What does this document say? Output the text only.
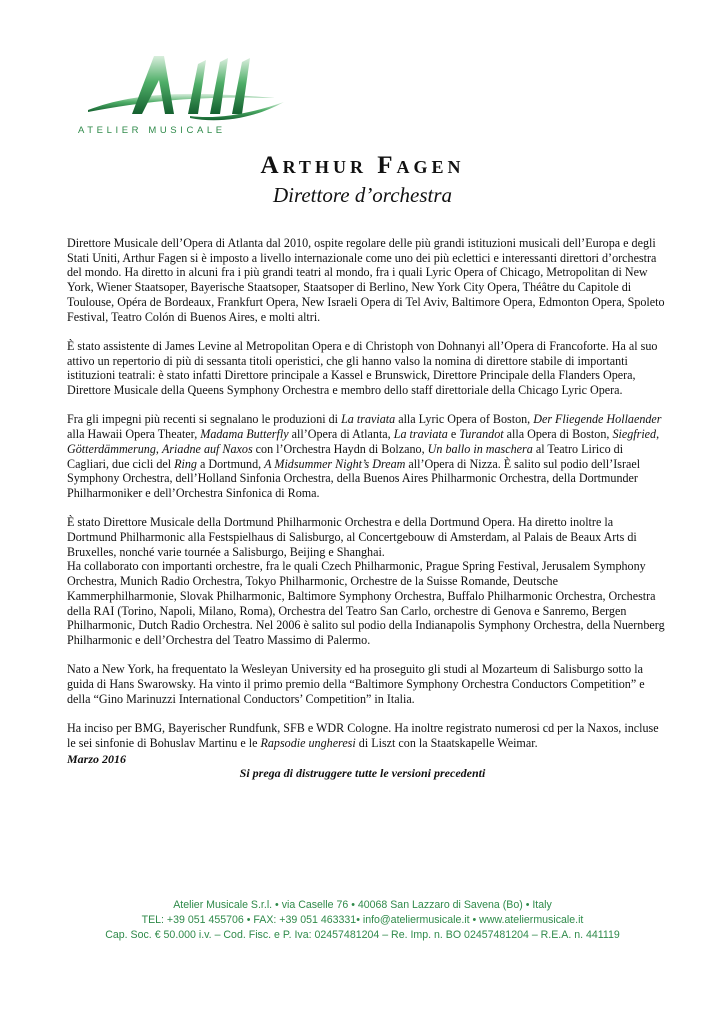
ATELIER MUSICALE
Arthur Fagen
Direttore d’orchestra

Direttore Musicale dell’Opera di Atlanta dal 2010, ospite regolare delle più grandi istituzioni musicali dell’Europa e degli Stati Uniti, Arthur Fagen si è imposto a livello internazionale come uno dei più eclettici e interessanti direttori d’orchestra del mondo. Ha diretto in alcuni fra i più grandi teatri al mondo, fra i quali Lyric Opera of Chicago, Metropolitan di New York, Wiener Staatsoper, Bayerische Staatsoper, Staatsoper di Berlino, New York City Opera, Théâtre du Capitole di Toulouse, Opéra de Bordeaux, Frankfurt Opera, New Israeli Opera di Tel Aviv, Baltimore Opera, Edmonton Opera, Spoleto Festival, Teatro Colón di Buenos Aires, e molti altri.

È stato assistente di James Levine al Metropolitan Opera e di Christoph von Dohnanyi all’Opera di Francoforte. Ha al suo attivo un repertorio di più di sessanta titoli operistici, che gli hanno valso la nomina di direttore stabile di importanti istituzioni teatrali: è stato infatti Direttore principale a Kassel e Brunswick, Direttore Principale della Flanders Opera, Direttore Musicale della Queens Symphony Orchestra e membro dello staff direttoriale della Chicago Lyric Opera.

Fra gli impegni più recenti si segnalano le produzioni di La traviata alla Lyric Opera of Boston, Der Fliegende Hollaender alla Hawaii Opera Theater, Madama Butterfly all’Opera di Atlanta, La traviata e Turandot alla Opera di Boston, Siegfried, Götterdämmerung, Ariadne auf Naxos con l’Orchestra Haydn di Bolzano, Un ballo in maschera al Teatro Lirico di Cagliari, due cicli del Ring a Dortmund, A Midsummer Night’s Dream all’Opera di Nizza. È salito sul podio dell’Israel Symphony Orchestra, dell’Holland Sinfonia Orchestra, della Buenos Aires Philharmonic Orchestra, della Dortmunder Philharmoniker e dell’Orchestra Sinfonica di Roma.

È stato Direttore Musicale della Dortmund Philharmonic Orchestra e della Dortmund Opera. Ha diretto inoltre la Dortmund Philharmonic alla Festspielhaus di Salisburgo, al Concertgebouw di Amsterdam, al Palais de Beaux Arts di Bruxelles, nonché varie tournée a Salisburgo, Beijing e Shanghai.

Ha collaborato con importanti orchestre, fra le quali Czech Philharmonic, Prague Spring Festival, Jerusalem Symphony Orchestra, Munich Radio Orchestra, Tokyo Philharmonic, Orchestre de la Suisse Romande, Deutsche Kammerphilharmonie, Slovak Philharmonic, Baltimore Symphony Orchestra, Buffalo Philharmonic Orchestra, Orchestra della RAI (Torino, Napoli, Milano, Roma), Orchestra del Teatro San Carlo, orchestre di Genova e Sanremo, Bergen Philharmonic, Dutch Radio Orchestra. Nel 2006 è salito sul podio della Indianapolis Symphony Orchestra, della Nuernberg Philharmonic e dell’Orchestra del Teatro Massimo di Palermo.

Nato a New York, ha frequentato la Wesleyan University ed ha proseguito gli studi al Mozarteum di Salisburgo sotto la guida di Hans Swarowsky. Ha vinto il primo premio della “Baltimore Symphony Orchestra Conductors Competition” e della “Gino Marinuzzi International Conductors’ Competition” in Italia.

Ha inciso per BMG, Bayerischer Rundfunk, SFB e WDR Cologne. Ha inoltre registrato numerosi cd per la Naxos, incluse le sei sinfonie di Bohuslav Martinu e le Rapsodie ungheresi di Liszt con la Staatskapelle Weimar.

Marzo 2016
Si prega di distruggere tutte le versioni precedenti
Atelier Musicale S.r.l. • via Caselle 76 • 40068 San Lazzaro di Savena (Bo) • Italy
TEL: +39 051 455706 • FAX: +39 051 463331• info@ateliermusicale.it • www.ateliermusicale.it
Cap. Soc. € 50.000 i.v. – Cod. Fisc. e P. Iva: 02457481204 – Re. Imp. n. BO 02457481204 – R.E.A. n. 441119
